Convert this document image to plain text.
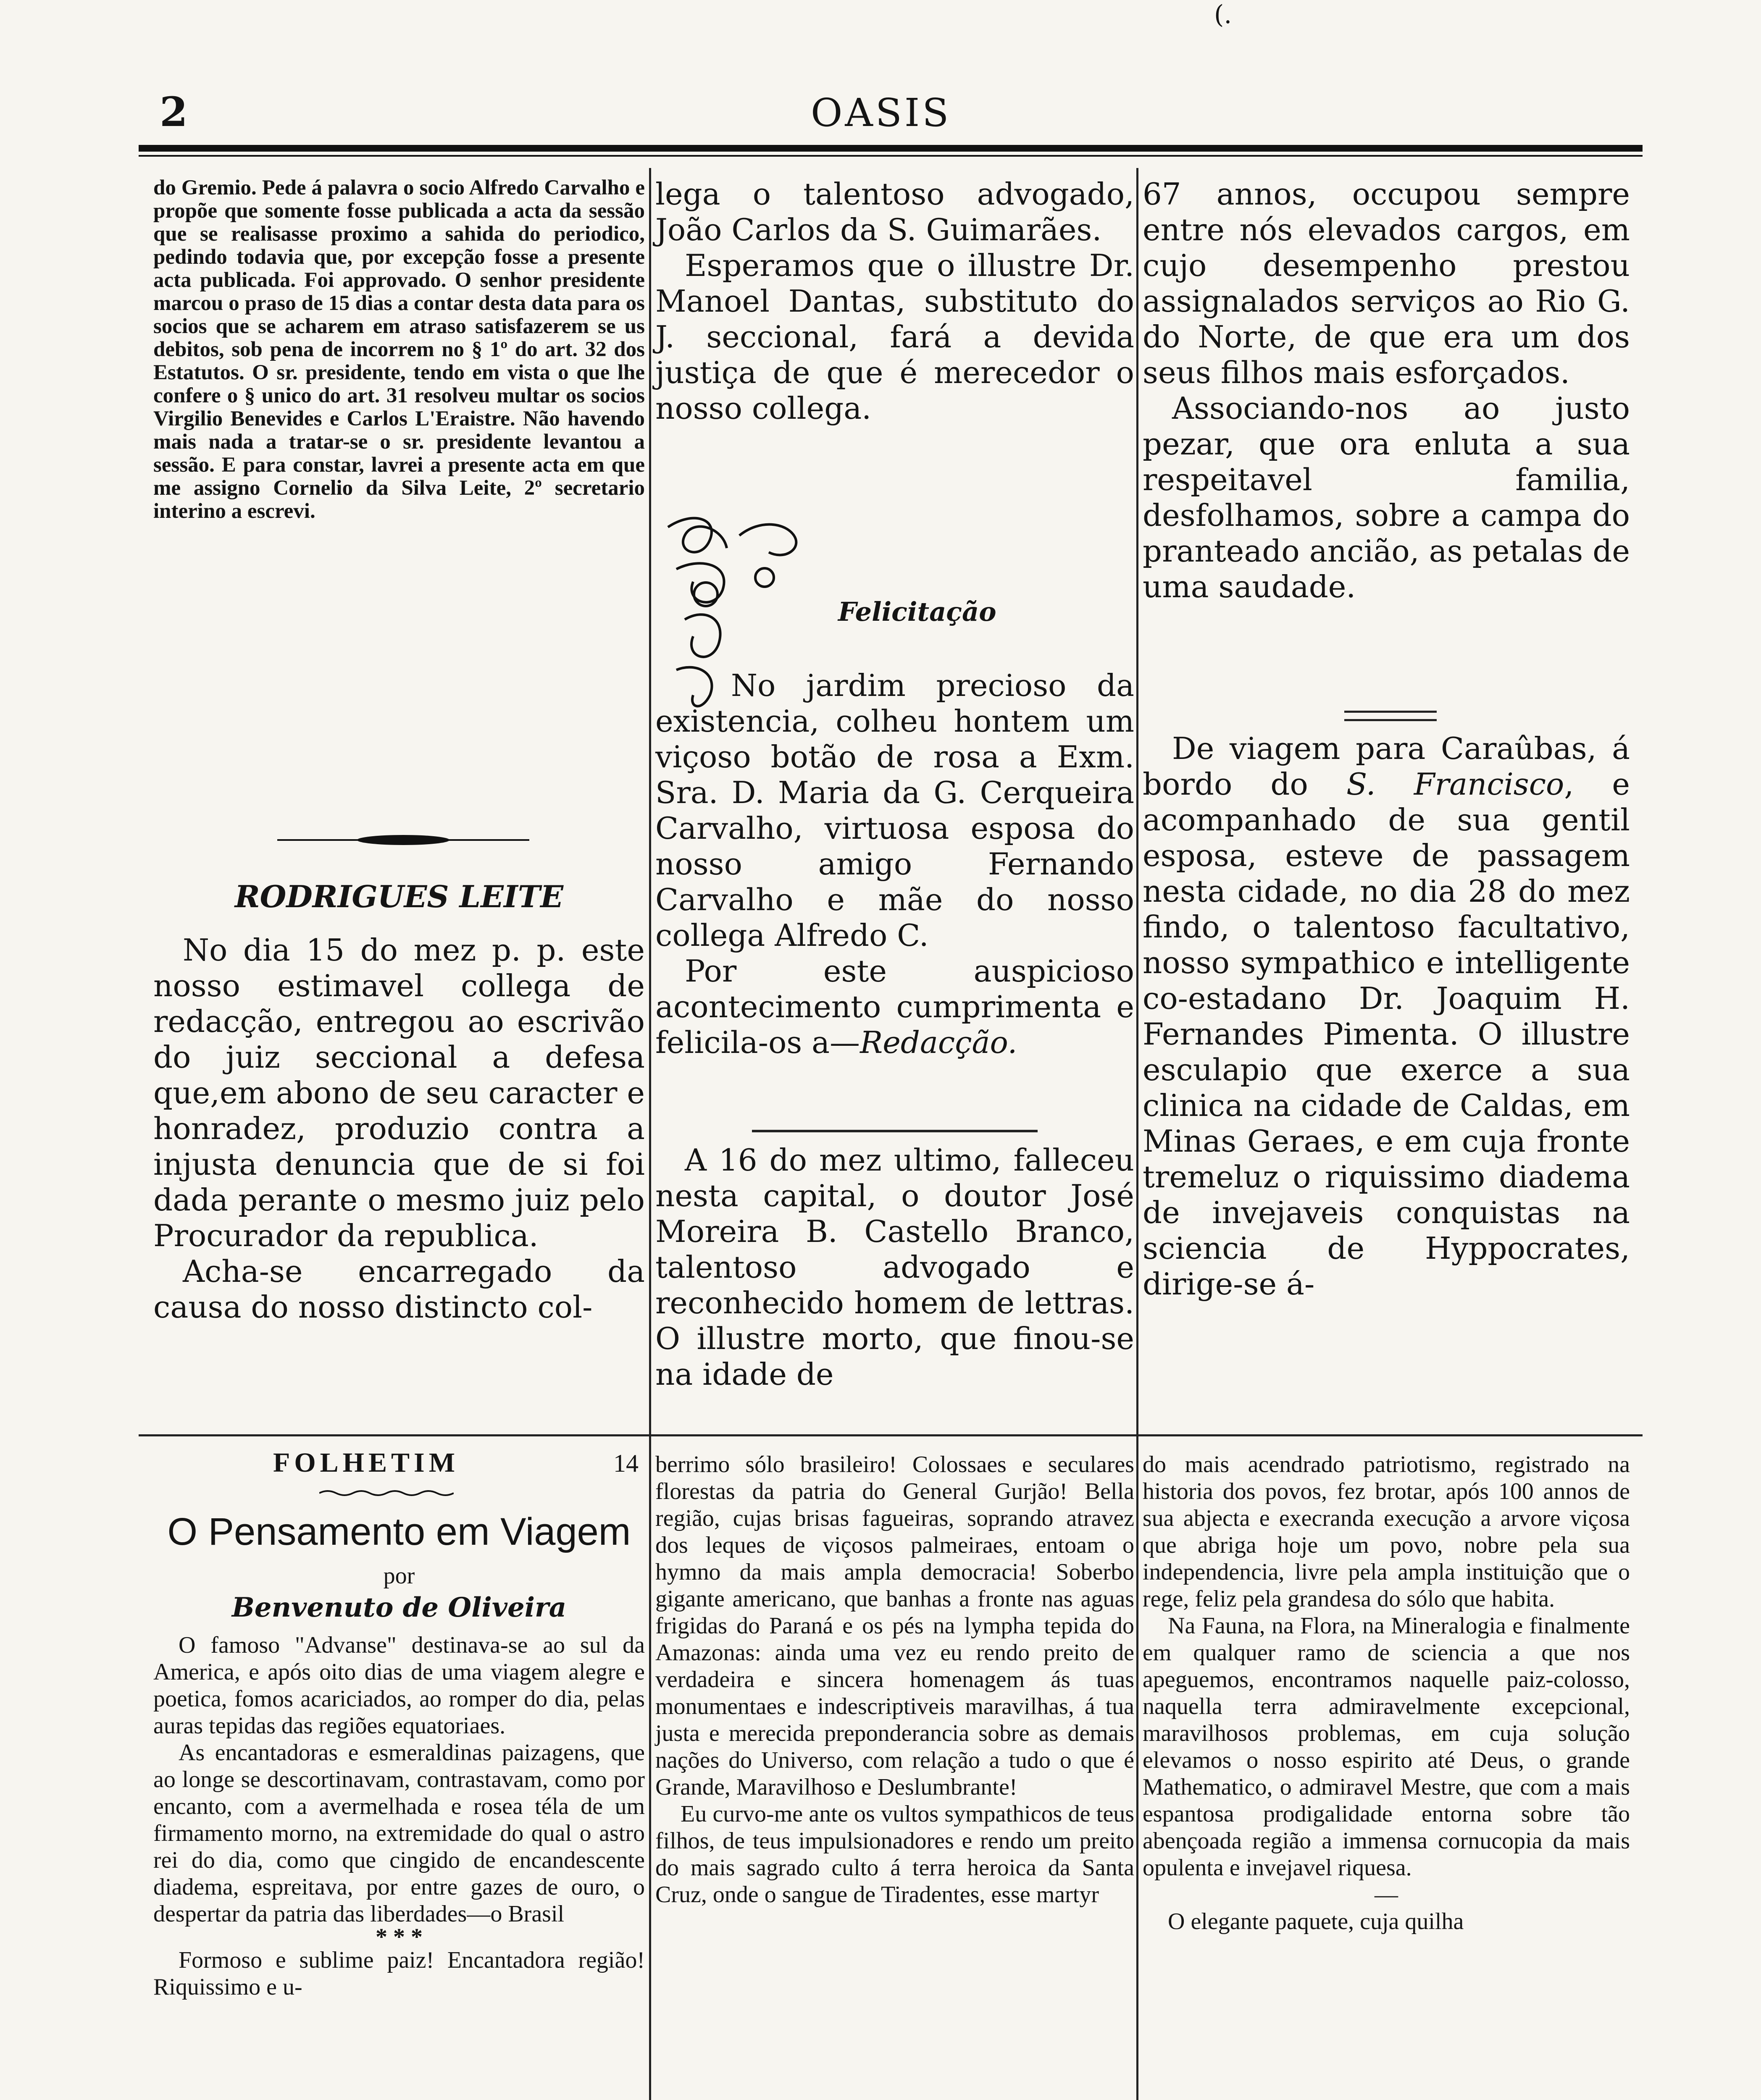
2	OASIS
(.

do Gremio. Pede á palavra o socio Alfredo Carvalho e propõe que somente fosse publicada a acta da sessão que se realisasse proximo a sahida do periodico, pedindo todavia que, por excepção fosse a presente acta publicada. Foi approvado. O senhor presidente marcou o praso de 15 dias a contar desta data para os socios que se acharem em atraso satisfazerem se us debitos, sob pena de incorrem no § 1º do art. 32 dos Estatutos. O sr. presidente, tendo em vista o que lhe confere o § unico do art. 31 resolveu multar os socios Virgilio Benevides e Carlos L'Eraistre. Não havendo mais nada a tratar-se o sr. presidente levantou a sessão. E para constar, lavrei a presente acta em que me assigno Cornelio da Silva Leite, 2º secretario interino a escrevi.

RODRIGUES LEITE

No dia 15 do mez p. p. este nosso estimavel collega de redacção, entregou ao escrivão do juiz seccional a defesa que,em abono de seu caracter e honradez, produzio contra a injusta denuncia que de si foi dada perante o mesmo juiz pelo Procurador da republica.

Acha-se encarregado da causa do nosso distincto col-

lega o talentoso advogado, João Carlos da S. Guimarães.

Esperamos que o illustre Dr. Manoel Dantas, substituto do J. seccional, fará a devida justiça de que é merecedor o nosso collega.

Felicitação

No jardim precioso da existencia, colheu hontem um viçoso botão de rosa a Exm. Sra. D. Maria da G. Cerqueira Carvalho, virtuosa esposa do nosso amigo Fernando Carvalho e mãe do nosso collega Alfredo C.

Por este auspicioso acontecimento cumprimenta e felicila-os a—Redacção.

A 16 do mez ultimo, falleceu nesta capital, o doutor José Moreira B. Castello Branco, talentoso advogado e reconhecido homem de lettras. O illustre morto, que finou-se na idade de

67 annos, occupou sempre entre nós elevados cargos, em cujo desempenho prestou assignalados serviços ao Rio G. do Norte, de que era um dos seus filhos mais esforçados.

Associando-nos ao justo pezar, que ora enluta a sua respeitavel familia, desfolhamos, sobre a campa do pranteado ancião, as petalas de uma saudade.

De viagem para Caraûbas, á bordo do S. Francisco, e acompanhado de sua gentil esposa, esteve de passagem nesta cidade, no dia 28 do mez findo, o talentoso facultativo, nosso sympathico e intelligente co-estadano Dr. Joaquim H. Fernandes Pimenta. O illustre esculapio que exerce a sua clinica na cidade de Caldas, em Minas Geraes, e em cuja fronte tremeluz o riquissimo diadema de invejaveis conquistas na sciencia de Hyppocrates, dirige-se á-

FOLHETIM	14
O Pensamento em Viagem
por
Benvenuto de Oliveira

O famoso "Advanse" destinava-se ao sul da America, e após oito dias de uma viagem alegre e poetica, fomos acariciados, ao romper do dia, pelas auras tepidas das regiões equatoriaes.

As encantadoras e esmeraldinas paizagens, que ao longe se descortinavam, contrastavam, como por encanto, com a avermelhada e rosea téla de um firmamento morno, na extremidade do qual o astro rei do dia, como que cingido de encandescente diadema, espreitava, por entre gazes de ouro, o despertar da patria das liberdades—o Brasil

* * *

Formoso e sublime paiz! Encantadora região! Riquissimo e u-

berrimo sólo brasileiro! Colossaes e seculares florestas da patria do General Gurjão! Bella região, cujas brisas fagueiras, soprando atravez dos leques de viçosos palmeiraes, entoam o hymno da mais ampla democracia! Soberbo gigante americano, que banhas a fronte nas aguas frigidas do Paraná e os pés na lympha tepida do Amazonas: ainda uma vez eu rendo preito de verdadeira e sincera homenagem ás tuas monumentaes e indescriptiveis maravilhas, á tua justa e merecida preponderancia sobre as demais nações do Universo, com relação a tudo o que é Grande, Maravilhoso e Deslumbrante!

Eu curvo-me ante os vultos sympathicos de teus filhos, de teus impulsionadores e rendo um preito do mais sagrado culto á terra heroica da Santa Cruz, onde o sangue de Tiradentes, esse martyr

do mais acendrado patriotismo, registrado na historia dos povos, fez brotar, após 100 annos de sua abjecta e execranda execução a arvore viçosa que abriga hoje um povo, nobre pela sua independencia, livre pela ampla instituição que o rege, feliz pela grandesa do sólo que habita.

Na Fauna, na Flora, na Mineralogia e finalmente em qualquer ramo de sciencia a que nos apeguemos, encontramos naquelle paiz-colosso, naquella terra admiravelmente excepcional, maravilhosos problemas, em cuja solução elevamos o nosso espirito até Deus, o grande Mathematico, o admiravel Mestre, que com a mais espantosa prodigalidade entorna sobre tão abençoada região a immensa cornucopia da mais opulenta e invejavel riquesa.

—

O elegante paquete, cuja quilha
